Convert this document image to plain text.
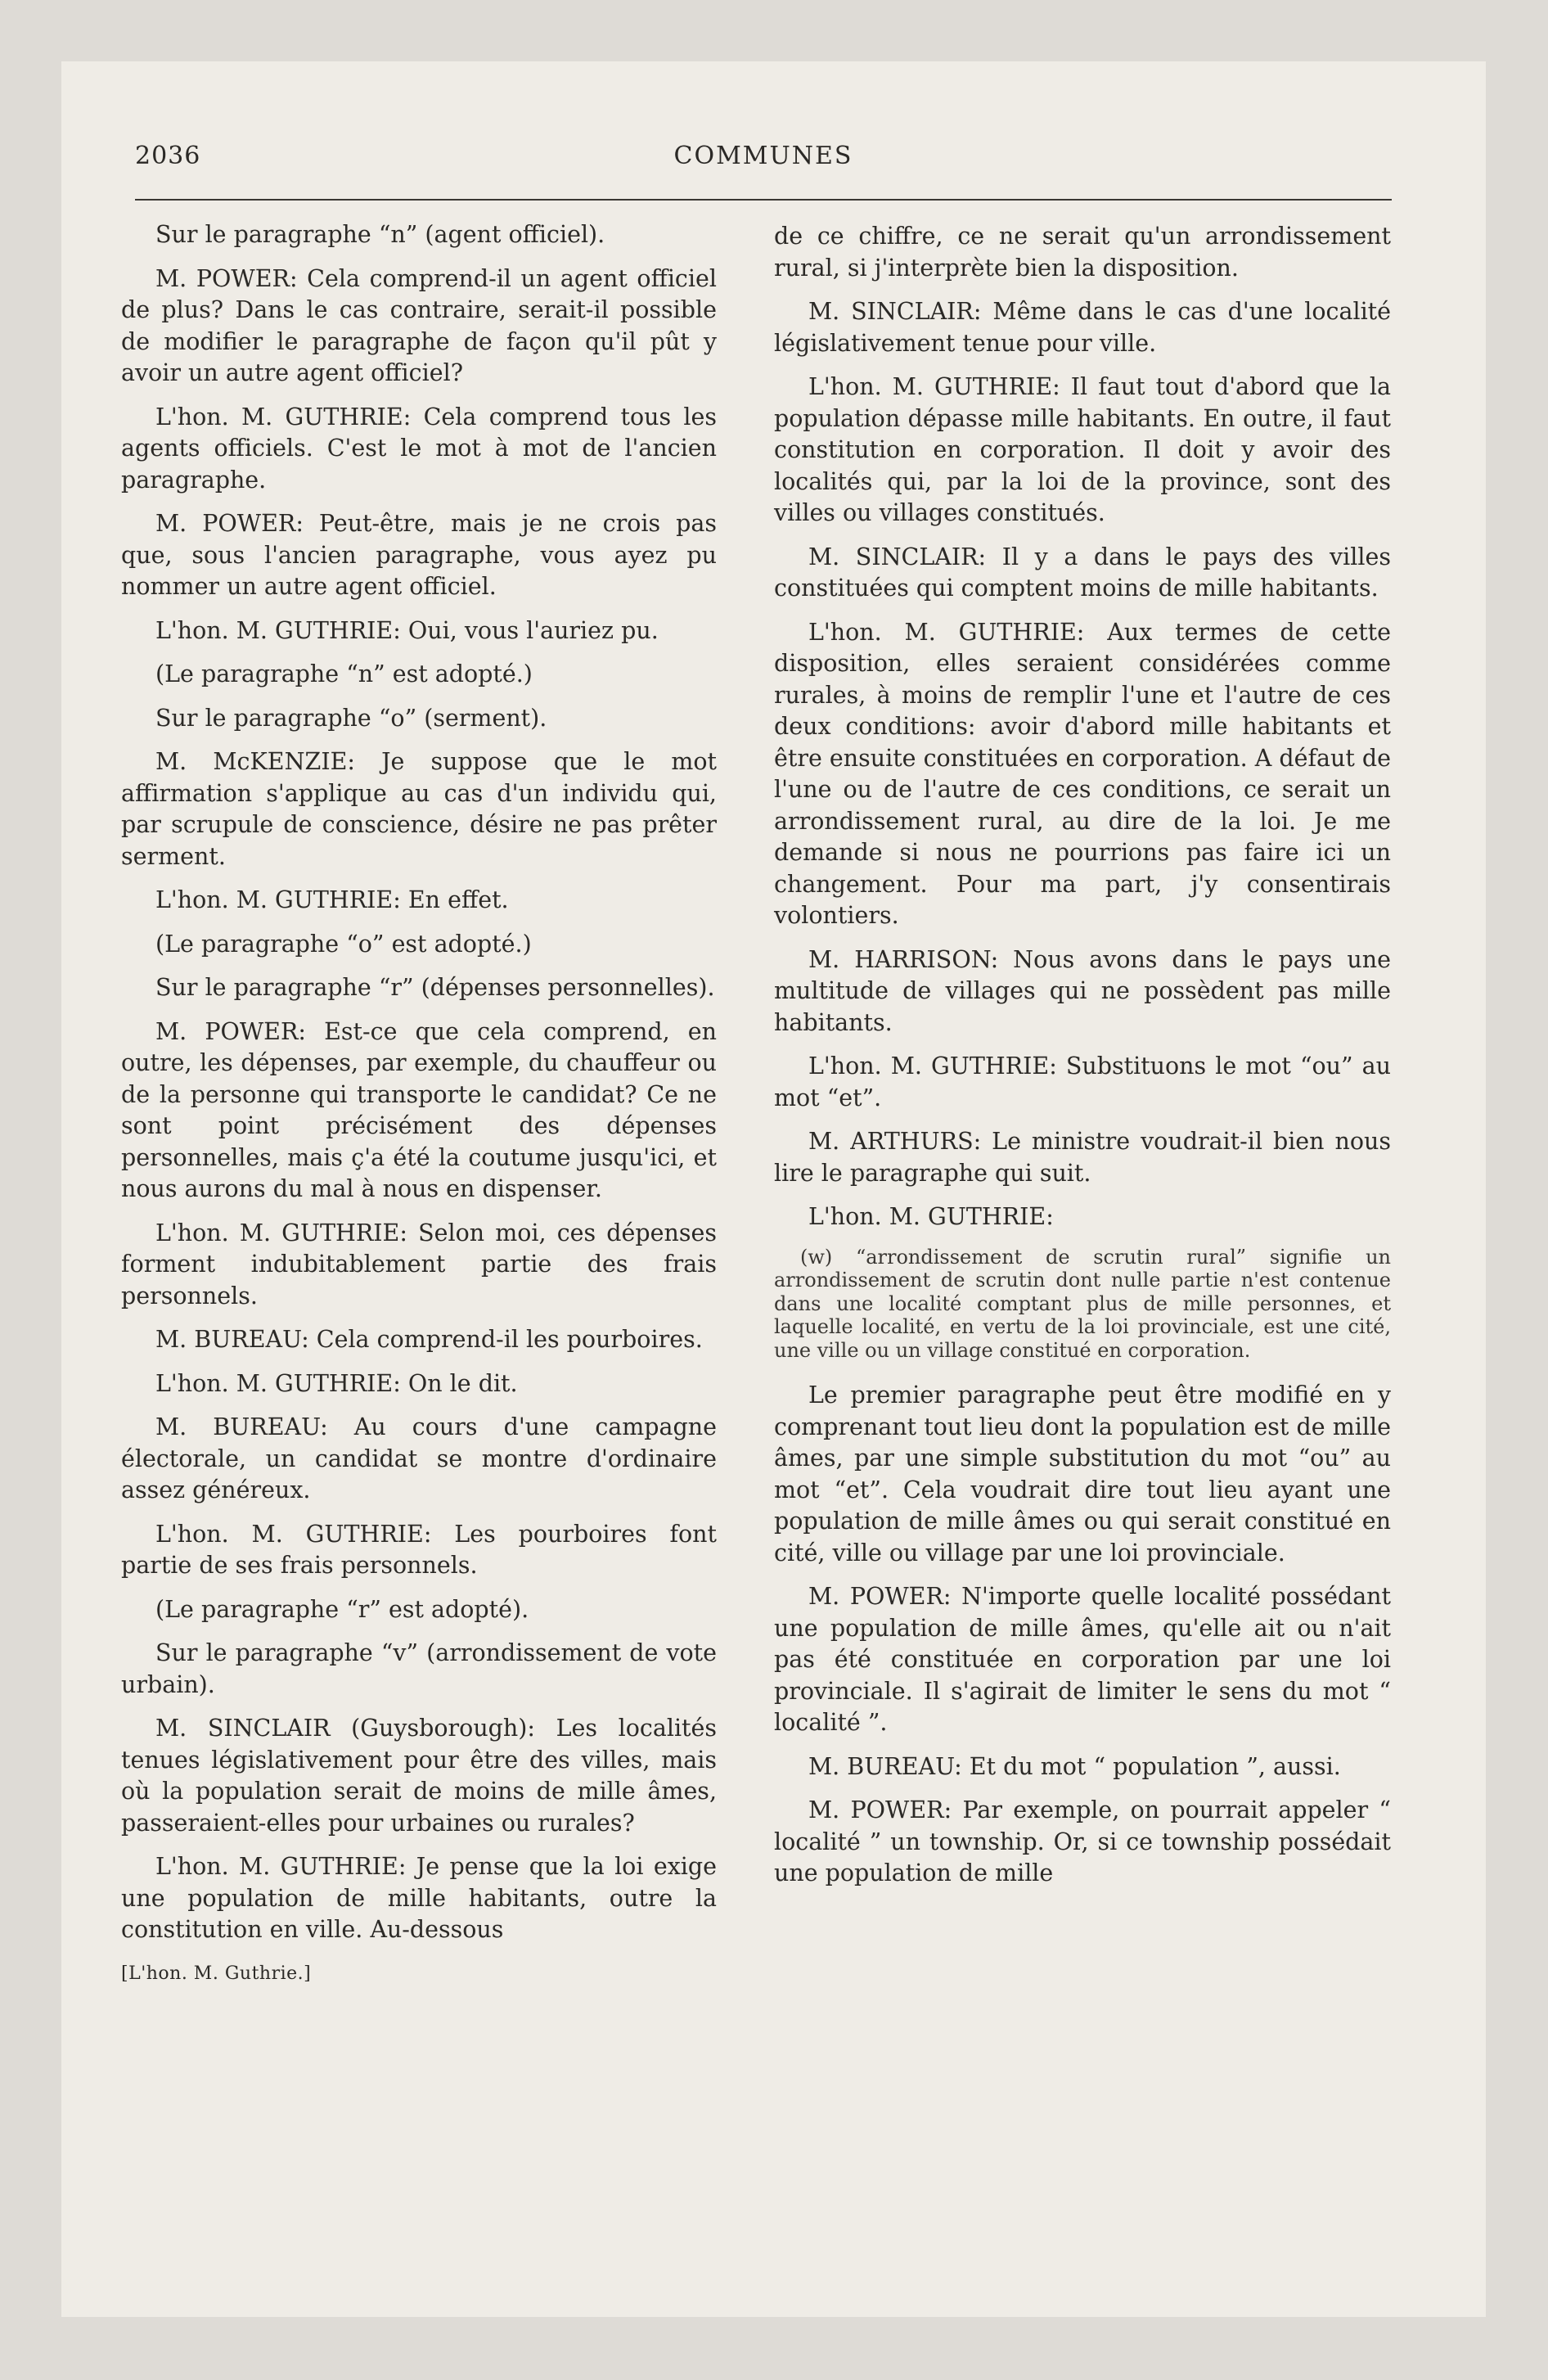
2036	COMMUNES

Sur le paragraphe “n” (agent officiel).

M. POWER: Cela comprend-il un agent officiel de plus? Dans le cas contraire, serait-il possible de modifier le paragraphe de façon qu'il pût y avoir un autre agent officiel?

L'hon. M. GUTHRIE: Cela comprend tous les agents officiels. C'est le mot à mot de l'ancien paragraphe.

M. POWER: Peut-être, mais je ne crois pas que, sous l'ancien paragraphe, vous ayez pu nommer un autre agent officiel.

L'hon. M. GUTHRIE: Oui, vous l'auriez pu.

(Le paragraphe “n” est adopté.)

Sur le paragraphe “o” (serment).

M. McKENZIE: Je suppose que le mot affirmation s'applique au cas d'un individu qui, par scrupule de conscience, désire ne pas prêter serment.

L'hon. M. GUTHRIE: En effet.

(Le paragraphe “o” est adopté.)

Sur le paragraphe “r” (dépenses personnelles).

M. POWER: Est-ce que cela comprend, en outre, les dépenses, par exemple, du chauffeur ou de la personne qui transporte le candidat? Ce ne sont point précisément des dépenses personnelles, mais ç'a été la coutume jusqu'ici, et nous aurons du mal à nous en dispenser.

L'hon. M. GUTHRIE: Selon moi, ces dépenses forment indubitablement partie des frais personnels.

M. BUREAU: Cela comprend-il les pourboires.

L'hon. M. GUTHRIE: On le dit.

M. BUREAU: Au cours d'une campagne électorale, un candidat se montre d'ordinaire assez généreux.

L'hon. M. GUTHRIE: Les pourboires font partie de ses frais personnels.

(Le paragraphe “r” est adopté).

Sur le paragraphe “v” (arrondissement de vote urbain).

M. SINCLAIR (Guysborough): Les localités tenues législativement pour être des villes, mais où la population serait de moins de mille âmes, passeraient-elles pour urbaines ou rurales?

L'hon. M. GUTHRIE: Je pense que la loi exige une population de mille habitants, outre la constitution en ville. Au-dessous

[L'hon. M. Guthrie.]

de ce chiffre, ce ne serait qu'un arrondissement rural, si j'interprète bien la disposition.

M. SINCLAIR: Même dans le cas d'une localité législativement tenue pour ville.

L'hon. M. GUTHRIE: Il faut tout d'abord que la population dépasse mille habitants. En outre, il faut constitution en corporation. Il doit y avoir des localités qui, par la loi de la province, sont des villes ou villages constitués.

M. SINCLAIR: Il y a dans le pays des villes constituées qui comptent moins de mille habitants.

L'hon. M. GUTHRIE: Aux termes de cette disposition, elles seraient considérées comme rurales, à moins de remplir l'une et l'autre de ces deux conditions: avoir d'abord mille habitants et être ensuite constituées en corporation. A défaut de l'une ou de l'autre de ces conditions, ce serait un arrondissement rural, au dire de la loi. Je me demande si nous ne pourrions pas faire ici un changement. Pour ma part, j'y consentirais volontiers.

M. HARRISON: Nous avons dans le pays une multitude de villages qui ne possèdent pas mille habitants.

L'hon. M. GUTHRIE: Substituons le mot “ou” au mot “et”.

M. ARTHURS: Le ministre voudrait-il bien nous lire le paragraphe qui suit.

L'hon. M. GUTHRIE:

(w) “arrondissement de scrutin rural” signifie un arrondissement de scrutin dont nulle partie n'est contenue dans une localité comptant plus de mille personnes, et laquelle localité, en vertu de la loi provinciale, est une cité, une ville ou un village constitué en corporation.

Le premier paragraphe peut être modifié en y comprenant tout lieu dont la population est de mille âmes, par une simple substitution du mot “ou” au mot “et”. Cela voudrait dire tout lieu ayant une population de mille âmes ou qui serait constitué en cité, ville ou village par une loi provinciale.

M. POWER: N'importe quelle localité possédant une population de mille âmes, qu'elle ait ou n'ait pas été constituée en corporation par une loi provinciale. Il s'agirait de limiter le sens du mot “ localité ”.

M. BUREAU: Et du mot “ population ”, aussi.

M. POWER: Par exemple, on pourrait appeler “ localité ” un township. Or, si ce township possédait une population de mille
